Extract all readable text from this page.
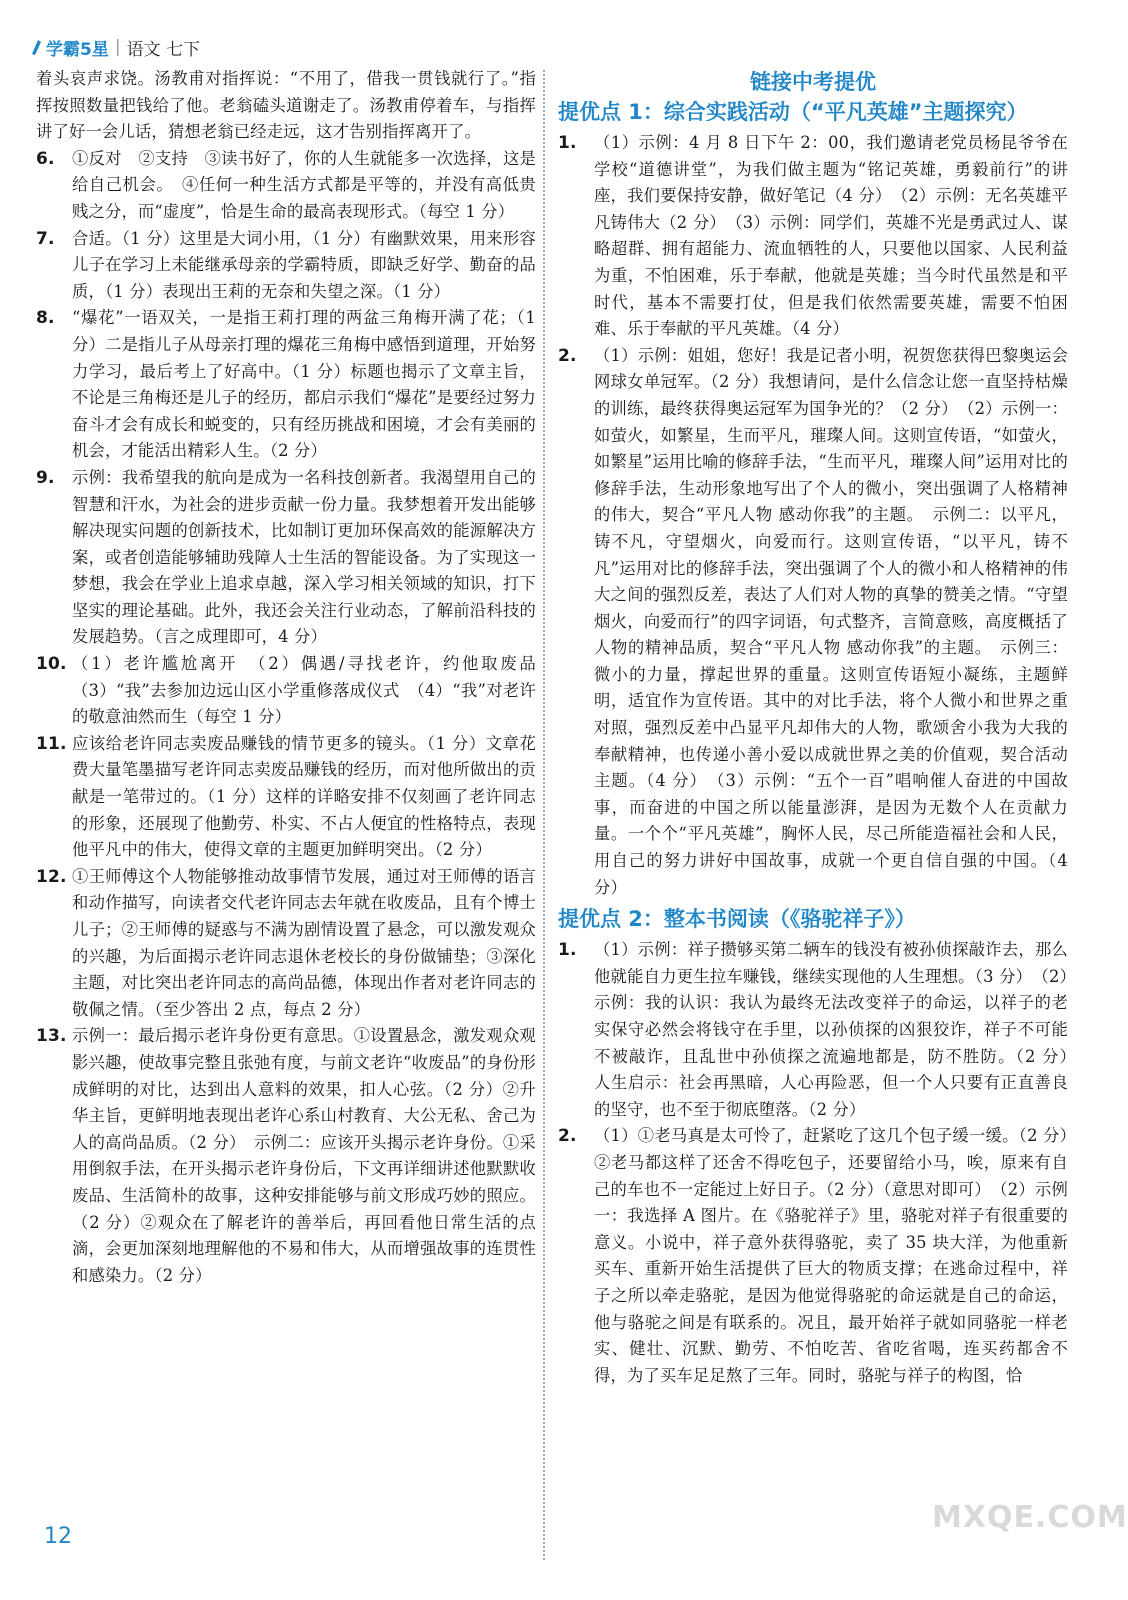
学霸5星 | 语文 七下

着头哀声求饶。汤教甫对指挥说：“不用了，借我一贯钱就行了。”指挥按照数量把钱给了他。老翁磕头道谢走了。汤教甫停着车，与指挥讲了好一会儿话，猜想老翁已经走远，这才告别指挥离开了。

6.	①反对　②支持　③读书好了，你的人生就能多一次选择，这是给自己机会。　④任何一种生活方式都是平等的，并没有高低贵贱之分，而“虚度”，恰是生命的最高表现形式。（每空 1 分）
7.	合适。（1 分）这里是大词小用，（1 分）有幽默效果，用来形容儿子在学习上未能继承母亲的学霸特质，即缺乏好学、勤奋的品质，（1 分）表现出王莉的无奈和失望之深。（1 分）
8.	“爆花”一语双关，一是指王莉打理的两盆三角梅开满了花；（1 分）二是指儿子从母亲打理的爆花三角梅中感悟到道理，开始努力学习，最后考上了好高中。（1 分）标题也揭示了文章主旨，不论是三角梅还是儿子的经历，都启示我们“爆花”是要经过努力奋斗才会有成长和蜕变的，只有经历挑战和困境，才会有美丽的机会，才能活出精彩人生。（2 分）
9.	示例：我希望我的航向是成为一名科技创新者。我渴望用自己的智慧和汗水，为社会的进步贡献一份力量。我梦想着开发出能够解决现实问题的创新技术，比如制订更加环保高效的能源解决方案，或者创造能够辅助残障人士生活的智能设备。为了实现这一梦想，我会在学业上追求卓越，深入学习相关领域的知识，打下坚实的理论基础。此外，我还会关注行业动态，了解前沿科技的发展趋势。（言之成理即可，4 分）
10. （1）老许尴尬离开　（2）偶遇/寻找老许，约他取废品　（3）“我”去参加边远山区小学重修落成仪式　（4）“我”对老许的敬意油然而生（每空 1 分）
11. 应该给老许同志卖废品赚钱的情节更多的镜头。（1 分）文章花费大量笔墨描写老许同志卖废品赚钱的经历，而对他所做出的贡献是一笔带过的。（1 分）这样的详略安排不仅刻画了老许同志的形象，还展现了他勤劳、朴实、不占人便宜的性格特点，表现他平凡中的伟大，使得文章的主题更加鲜明突出。（2 分）
12. ①王师傅这个人物能够推动故事情节发展，通过对王师傅的语言和动作描写，向读者交代老许同志去年就在收废品，且有个博士儿子；②王师傅的疑惑与不满为剧情设置了悬念，可以激发观众的兴趣，为后面揭示老许同志退休老校长的身份做铺垫；③深化主题，对比突出老许同志的高尚品德，体现出作者对老许同志的敬佩之情。（至少答出 2 点，每点 2 分）
13. 示例一：最后揭示老许身份更有意思。①设置悬念，激发观众观影兴趣，使故事完整且张弛有度，与前文老许“收废品”的身份形成鲜明的对比，达到出人意料的效果，扣人心弦。（2 分）②升华主旨，更鲜明地表现出老许心系山村教育、大公无私、舍己为人的高尚品质。（2 分）　示例二：应该开头揭示老许身份。①采用倒叙手法，在开头揭示老许身份后，下文再详细讲述他默默收废品、生活简朴的故事，这种安排能够与前文形成巧妙的照应。（2 分）②观众在了解老许的善举后，再回看他日常生活的点滴，会更加深刻地理解他的不易和伟大，从而增强故事的连贯性和感染力。（2 分）
链接中考提优
提优点 1：综合实践活动（“平凡英雄”主题探究）
1.	（1）示例：4 月 8 日下午 2：00，我们邀请老党员杨昆爷爷在学校“道德讲堂”，为我们做主题为“铭记英雄，勇毅前行”的讲座，我们要保持安静，做好笔记（4 分）　（2）示例：无名英雄平凡铸伟大（2 分）　（3）示例：同学们，英雄不光是勇武过人、谋略超群、拥有超能力、流血牺牲的人，只要他以国家、人民利益为重，不怕困难，乐于奉献，他就是英雄；当今时代虽然是和平时代，基本不需要打仗，但是我们依然需要英雄，需要不怕困难、乐于奉献的平凡英雄。（4 分）
2.	（1）示例：姐姐，您好！我是记者小明，祝贺您获得巴黎奥运会网球女单冠军。（2 分）我想请问，是什么信念让您一直坚持枯燥的训练，最终获得奥运冠军为国争光的？（2 分）　（2）示例一：如萤火，如繁星，生而平凡，璀璨人间。这则宣传语，“如萤火，如繁星”运用比喻的修辞手法，“生而平凡，璀璨人间”运用对比的修辞手法，生动形象地写出了个人的微小，突出强调了人格精神的伟大，契合“平凡人物 感动你我”的主题。　示例二：以平凡，铸不凡，守望烟火，向爱而行。这则宣传语，“以平凡，铸不凡”运用对比的修辞手法，突出强调了个人的微小和人格精神的伟大之间的强烈反差，表达了人们对人物的真挚的赞美之情。“守望烟火，向爱而行”的四字词语，句式整齐，言简意赅，高度概括了人物的精神品质，契合“平凡人物 感动你我”的主题。　示例三：微小的力量，撑起世界的重量。这则宣传语短小凝练，主题鲜明，适宜作为宣传语。其中的对比手法，将个人微小和世界之重对照，强烈反差中凸显平凡却伟大的人物，歌颂舍小我为大我的奉献精神，也传递小善小爱以成就世界之美的价值观，契合活动主题。（4 分）　（3）示例：“五个一百”唱响催人奋进的中国故事，而奋进的中国之所以能量澎湃，是因为无数个人在贡献力量。一个个“平凡英雄”，胸怀人民，尽己所能造福社会和人民，用自己的努力讲好中国故事，成就一个更自信自强的中国。（4 分）
提优点 2：整本书阅读（《骆驼祥子》）
1.	（1）示例：祥子攒够买第二辆车的钱没有被孙侦探敲诈去，那么他就能自力更生拉车赚钱，继续实现他的人生理想。（3 分）　（2）示例：我的认识：我认为最终无法改变祥子的命运，以祥子的老实保守必然会将钱守在手里，以孙侦探的凶狠狡诈，祥子不可能不被敲诈，且乱世中孙侦探之流遍地都是，防不胜防。（2 分）　人生启示：社会再黑暗，人心再险恶，但一个人只要有正直善良的坚守，也不至于彻底堕落。（2 分）
2.	（1）①老马真是太可怜了，赶紧吃了这几个包子缓一缓。（2 分）　②老马都这样了还舍不得吃包子，还要留给小马，唉，原来有自己的车也不一定能过上好日子。（2 分）（意思对即可）　（2）示例一：我选择 A 图片。在《骆驼祥子》里，骆驼对祥子有很重要的意义。小说中，祥子意外获得骆驼，卖了 35 块大洋，为他重新买车、重新开始生活提供了巨大的物质支撑；在逃命过程中，祥子之所以牵走骆驼，是因为他觉得骆驼的命运就是自己的命运，他与骆驼之间是有联系的。况且，最开始祥子就如同骆驼一样老实、健壮、沉默、勤劳、不怕吃苦、省吃省喝，连买药都舍不得，为了买车足足熬了三年。同时，骆驼与祥子的构图，恰
12
MXQE.COM
